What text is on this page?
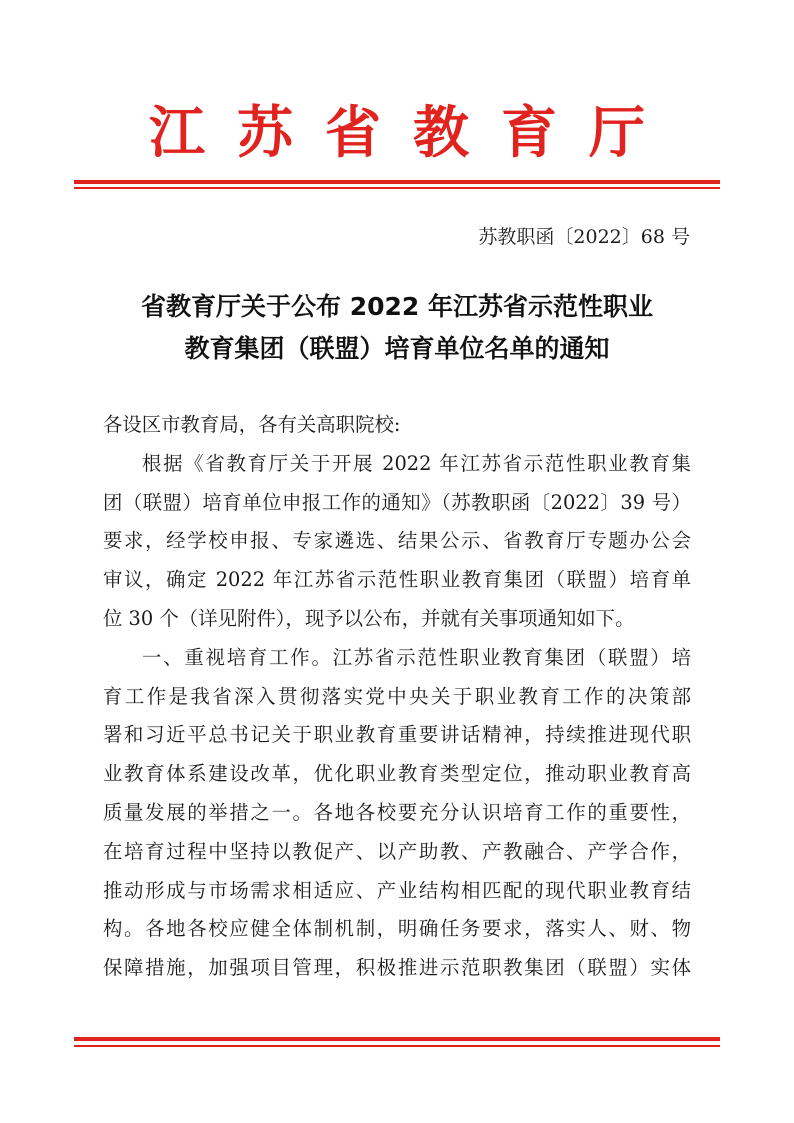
江苏省教育厅
苏教职函〔2022〕68 号
省教育厅关于公布 2022 年江苏省示范性职业
教育集团（联盟）培育单位名单的通知
各设区市教育局，各有关高职院校:
根据《省教育厅关于开展 2022 年江苏省示范性职业教育集
团（联盟）培育单位申报工作的通知》（苏教职函〔2022〕39 号）
要求，经学校申报、专家遴选、结果公示、省教育厅专题办公会
审议，确定 2022 年江苏省示范性职业教育集团（联盟）培育单
位 30 个（详见附件），现予以公布，并就有关事项通知如下。
一、重视培育工作。江苏省示范性职业教育集团（联盟）培
育工作是我省深入贯彻落实党中央关于职业教育工作的决策部
署和习近平总书记关于职业教育重要讲话精神，持续推进现代职
业教育体系建设改革，优化职业教育类型定位，推动职业教育高
质量发展的举措之一。各地各校要充分认识培育工作的重要性，
在培育过程中坚持以教促产、以产助教、产教融合、产学合作，
推动形成与市场需求相适应、产业结构相匹配的现代职业教育结
构。各地各校应健全体制机制，明确任务要求，落实人、财、物
保障措施，加强项目管理，积极推进示范职教集团（联盟）实体
